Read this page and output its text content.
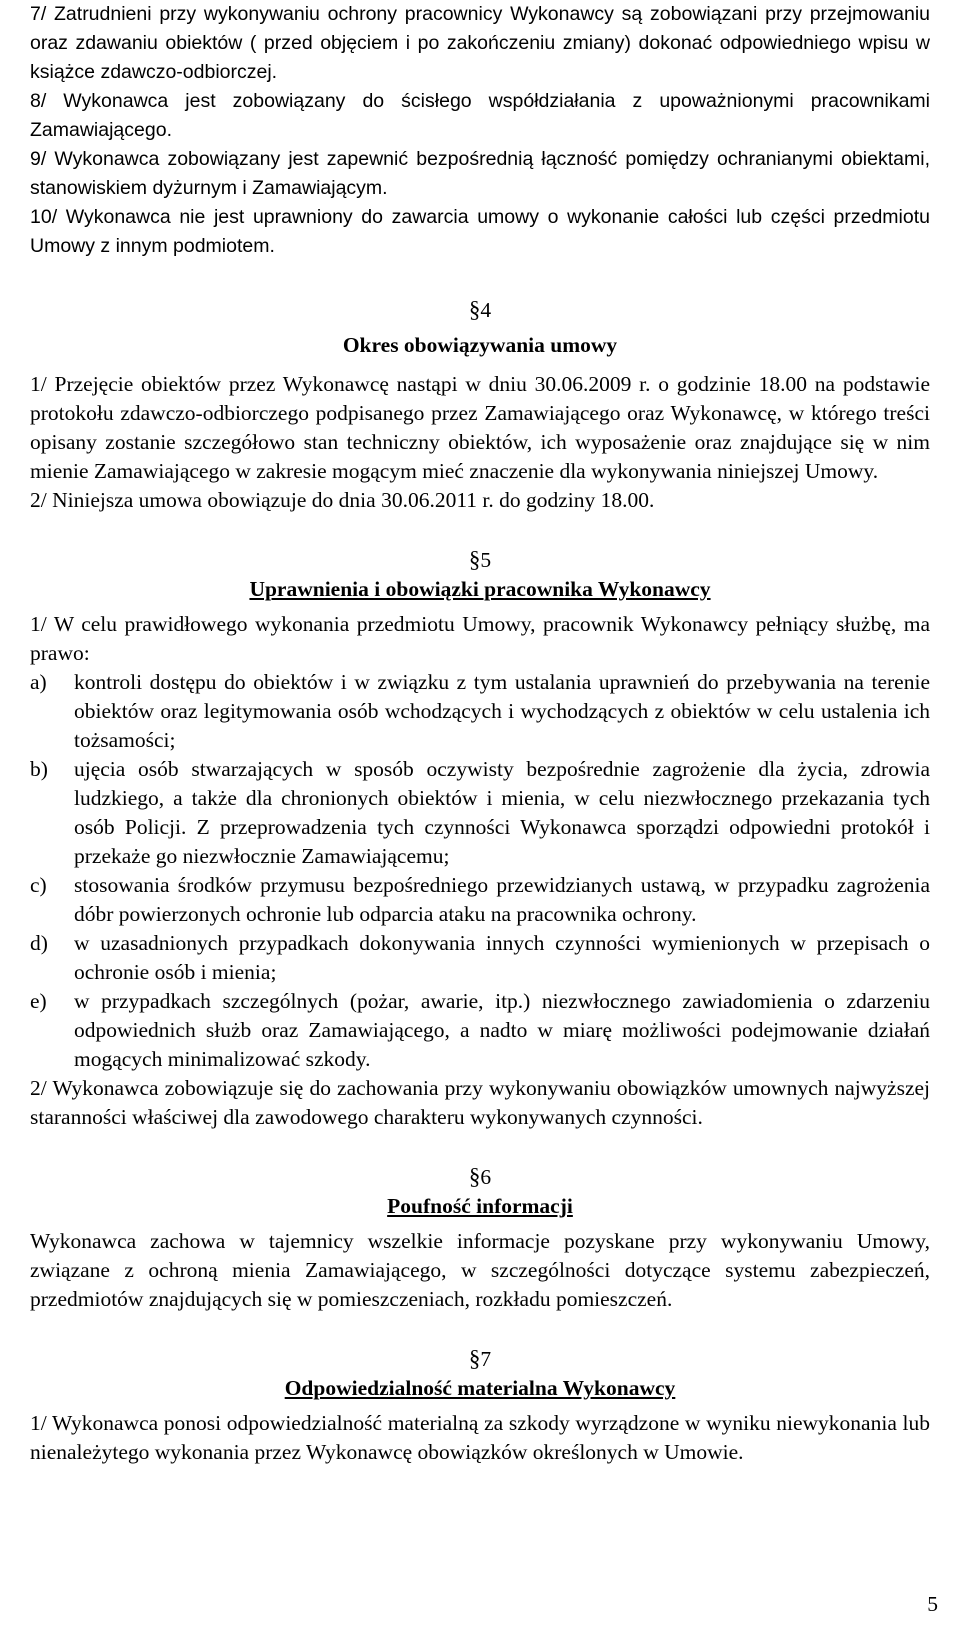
7/ Zatrudnieni przy wykonywaniu ochrony pracownicy Wykonawcy są zobowiązani przy przejmowaniu oraz zdawaniu obiektów ( przed objęciem i po zakończeniu zmiany) dokonać odpowiedniego wpisu w książce zdawczo-odbiorczej.

8/ Wykonawca jest zobowiązany do ścisłego współdziałania z upoważnionymi pracownikami Zamawiającego.

9/ Wykonawca zobowiązany jest zapewnić bezpośrednią łączność pomiędzy ochranianymi obiektami, stanowiskiem dyżurnym i Zamawiającym.

10/ Wykonawca nie jest uprawniony do zawarcia umowy o wykonanie całości lub części przedmiotu Umowy z innym podmiotem.

§4

Okres obowiązywania umowy

1/ Przejęcie obiektów przez Wykonawcę nastąpi w dniu 30.06.2009 r. o godzinie 18.00 na podstawie protokołu zdawczo-odbiorczego podpisanego przez Zamawiającego oraz Wykonawcę, w którego treści opisany zostanie szczegółowo stan techniczny obiektów, ich wyposażenie oraz znajdujące się w nim mienie Zamawiającego w zakresie mogącym mieć znaczenie dla wykonywania niniejszej Umowy.

2/ Niniejsza umowa obowiązuje do dnia 30.06.2011 r. do godziny 18.00.

§5

Uprawnienia i obowiązki pracownika Wykonawcy

1/ W celu prawidłowego wykonania przedmiotu Umowy, pracownik Wykonawcy pełniący służbę, ma prawo:

a)	kontroli dostępu do obiektów i w związku z tym ustalania uprawnień do przebywania na terenie obiektów oraz legitymowania osób wchodzących i wychodzących z obiektów w celu ustalenia ich tożsamości;
b)	ujęcia osób stwarzających w sposób oczywisty bezpośrednie zagrożenie dla życia, zdrowia ludzkiego, a także dla chronionych obiektów i mienia, w celu niezwłocznego przekazania tych osób Policji. Z przeprowadzenia tych czynności Wykonawca sporządzi odpowiedni protokół i przekaże go niezwłocznie Zamawiającemu;
c)	stosowania środków przymusu bezpośredniego przewidzianych ustawą, w przypadku zagrożenia dóbr powierzonych ochronie lub odparcia ataku na pracownika ochrony.
d)	w uzasadnionych przypadkach dokonywania innych czynności wymienionych w przepisach o ochronie osób i mienia;
e)	w przypadkach szczególnych (pożar, awarie, itp.) niezwłocznego zawiadomienia o zdarzeniu odpowiednich służb oraz Zamawiającego, a nadto w miarę możliwości podejmowanie działań mogących minimalizować szkody.

2/ Wykonawca zobowiązuje się do zachowania przy wykonywaniu obowiązków umownych najwyższej staranności właściwej dla zawodowego charakteru wykonywanych czynności.

§6

Poufność informacji

Wykonawca zachowa w tajemnicy wszelkie informacje pozyskane przy wykonywaniu Umowy, związane z ochroną mienia Zamawiającego, w szczególności dotyczące systemu zabezpieczeń, przedmiotów znajdujących się w pomieszczeniach, rozkładu pomieszczeń.

§7

Odpowiedzialność materialna Wykonawcy

1/ Wykonawca ponosi odpowiedzialność materialną za szkody wyrządzone w wyniku niewykonania lub nienależytego wykonania przez Wykonawcę obowiązków określonych w Umowie.

5
